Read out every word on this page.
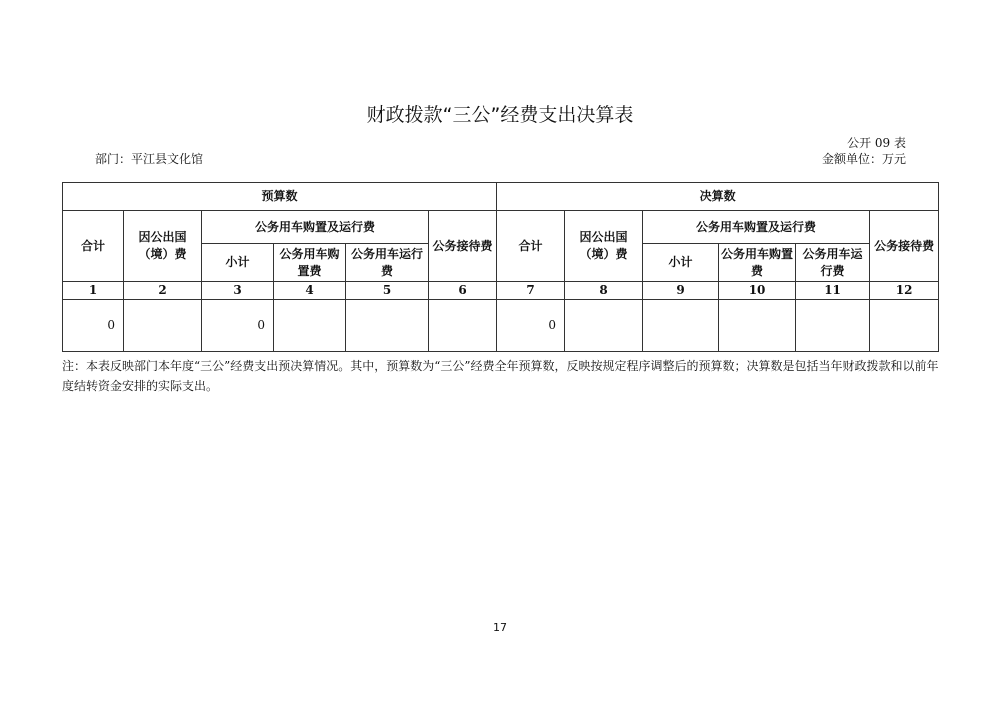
财政拨款“三公”经费支出决算表
公开 09 表
部门：平江县文化馆	金额单位：万元
预算数						决算数					
合计	因公出国（境）费	公务用车购置及运行费			公务接待费	合计	因公出国（境）费	公务用车购置及运行费			公务接待费
		小计	公务用车购置费	公务用车运行费				小计	公务用车购置费	公务用车运行费	
1	2	3	4	5	6	7	8	9	10	11	12
0		0				0					
注：本表反映部门本年度“三公”经费支出预决算情况。其中，预算数为“三公”经费全年预算数，反映按规定程序调整后的预算数；决算数是包括当年财政拨款和以前年度结转资金安排的实际支出。
17
